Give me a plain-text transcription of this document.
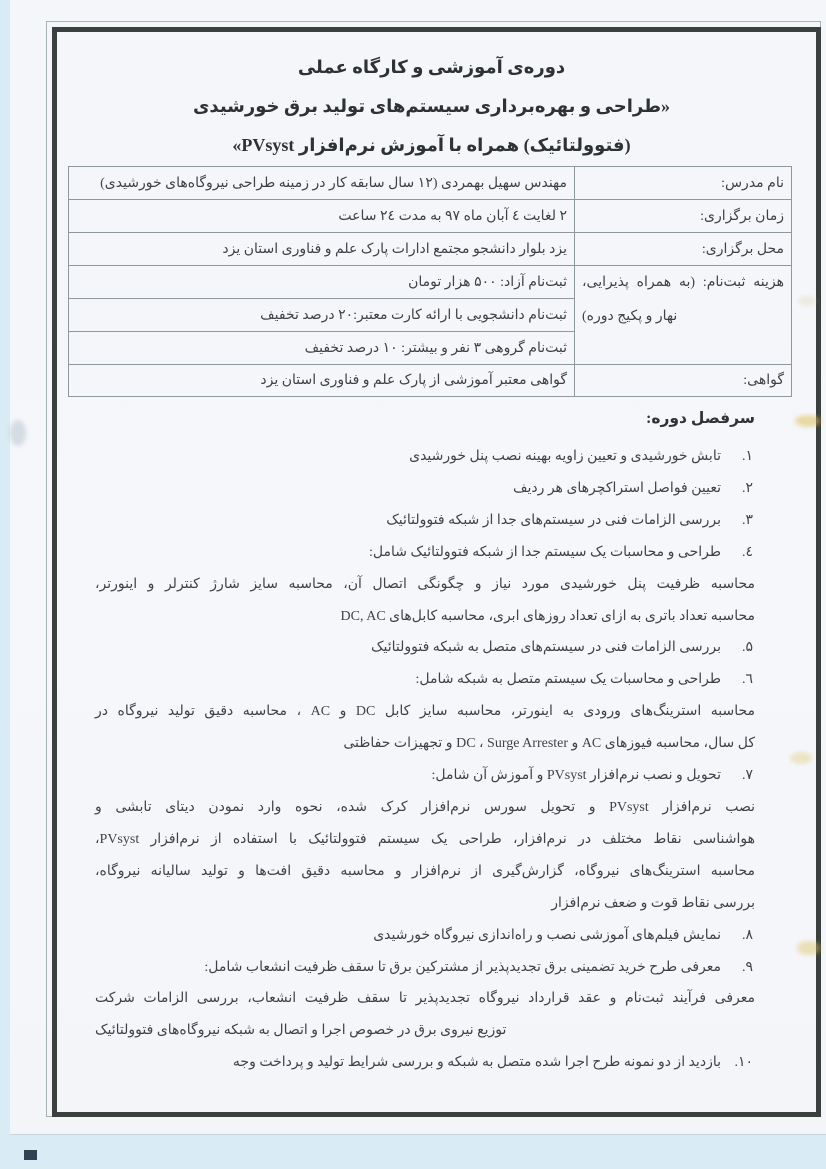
دوره‌ی آموزشی و کارگاه عملی
«طراحی و بهره‌برداری سیستم‌های تولید برق خورشیدی
(فتوولتائیک) همراه با آموزش نرم‌افزار PVsyst»
نام مدرس:	مهندس سهیل بهمردی (۱۲ سال سابقه کار در زمینه طراحی نیروگاه‌های خورشیدی)
زمان برگزاری:	۲ لغایت ٤ آبان ماه ۹۷ به مدت ۲٤ ساعت
محل برگزاری:	یزد بلوار دانشجو مجتمع ادارات پارک علم و فناوری استان یزد
هزینه ثبت‌نام: (به همراه پذیرایی، نهار و پکیج دوره)	ثبت‌نام آزاد: ۵۰۰ هزار تومان
	ثبت‌نام دانشجویی با ارائه کارت معتبر:۲۰ درصد تخفیف
	ثبت‌نام گروهی ۳ نفر و بیشتر: ۱۰ درصد تخفیف
گواهی:	گواهی معتبر آموزشی از پارک علم و فناوری استان یزد
سرفصل دوره:
۱.
تابش خورشیدی و تعیین زاویه بهینه نصب پنل خورشیدی
۲.
تعیین فواصل استراکچرهای هر ردیف
۳.
بررسی الزامات فنی در سیستم‌های جدا از شبکه فتوولتائیک
٤.
طراحی و محاسبات یک سیستم جدا از شبکه فتوولتائیک شامل:
محاسبه ظرفیت پنل خورشیدی مورد نیاز و چگونگی اتصال آن، محاسبه سایز شارژ کنترلر و اینورتر،
محاسبه تعداد باتری به ازای تعداد روزهای ابری، محاسبه کابل‌های DC, AC
۵.
بررسی الزامات فنی در سیستم‌های متصل به شبکه فتوولتائیک
٦.
طراحی و محاسبات یک سیستم متصل به شبکه شامل:
محاسبه استرینگ‌های ورودی به اینورتر، محاسبه سایز کابل DC و AC ، محاسبه دقیق تولید نیروگاه در
کل سال، محاسبه فیوزهای AC و DC ، Surge Arrester و تجهیزات حفاظتی
۷.
تحویل و نصب نرم‌افزار PVsyst و آموزش آن شامل:
نصب نرم‌افزار PVsyst و تحویل سورس نرم‌افزار کرک شده، نحوه وارد نمودن دیتای تابشی و
هواشناسی نقاط مختلف در نرم‌افزار، طراحی یک سیستم فتوولتائیک با استفاده از نرم‌افزار PVsyst،
محاسبه استرینگ‌های نیروگاه، گزارش‌گیری از نرم‌افزار و محاسبه دقیق افت‌ها و تولید سالیانه نیروگاه،
بررسی نقاط قوت و ضعف نرم‌افزار
۸.
نمایش فیلم‌های آموزشی نصب و راه‌اندازی نیروگاه خورشیدی
۹.
معرفی طرح خرید تضمینی برق تجدیدپذیر از مشترکین برق تا سقف ظرفیت انشعاب شامل:
معرفی فرآیند ثبت‌نام و عقد قرارداد نیروگاه تجدیدپذیر تا سقف ظرفیت انشعاب، بررسی الزامات شرکت
توزیع نیروی برق در خصوص اجرا و اتصال به شبکه نیروگاه‌های فتوولتائیک
۱۰.
بازدید از دو نمونه طرح اجرا شده متصل به شبکه و بررسی شرایط تولید و پرداخت وجه
